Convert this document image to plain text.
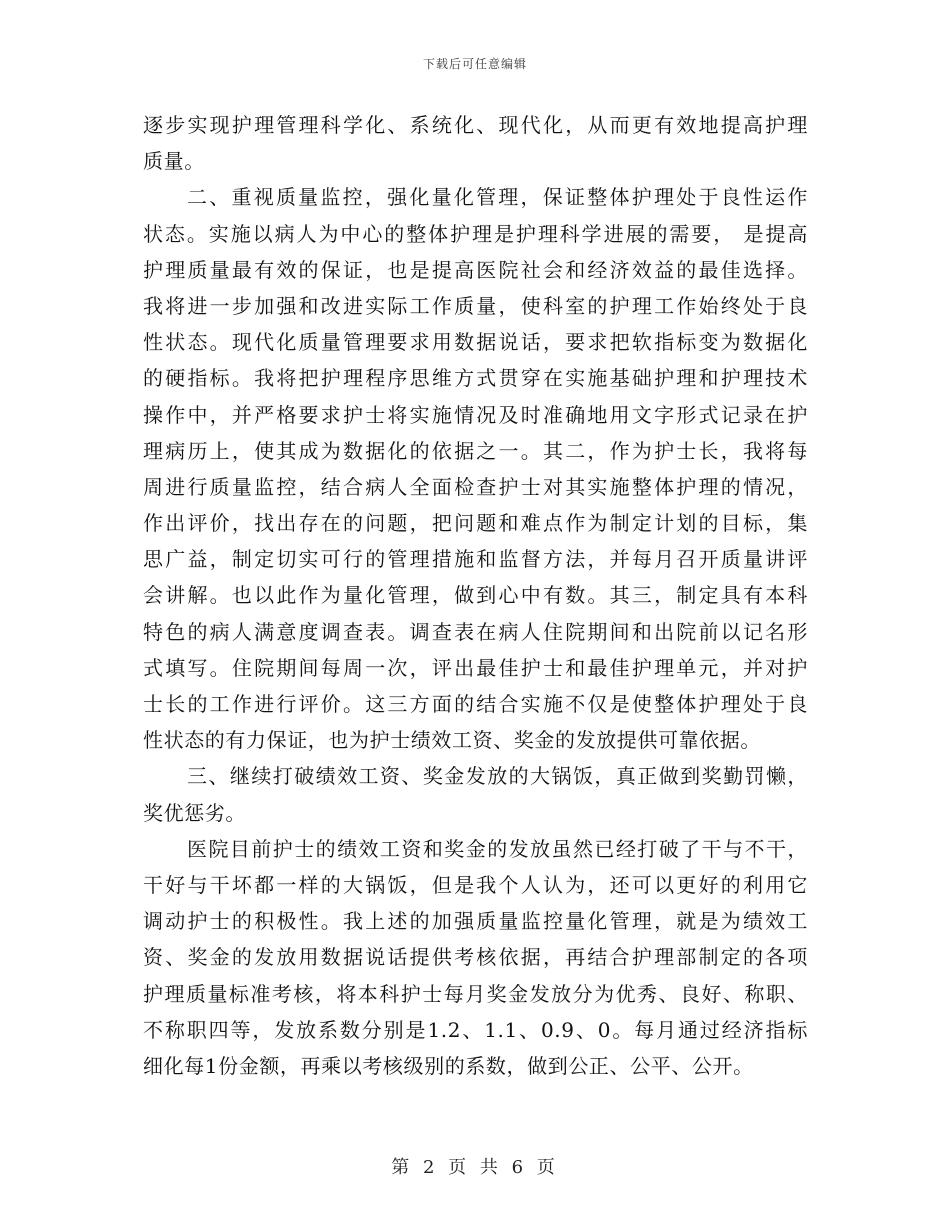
下载后可任意编辑
逐步实现护理管理科学化、系统化、现代化，从而更有效地提高护理
质量。
二、重视质量监控，强化量化管理，保证整体护理处于良性运作
状态。实施以病人为中心的整体护理是护理科学进展的需要， 是提高
护理质量最有效的保证，也是提高医院社会和经济效益的最佳选择。
我将进一步加强和改进实际工作质量，使科室的护理工作始终处于良
性状态。现代化质量管理要求用数据说话，要求把软指标变为数据化
的硬指标。我将把护理程序思维方式贯穿在实施基础护理和护理技术
操作中，并严格要求护士将实施情况及时准确地用文字形式记录在护
理病历上，使其成为数据化的依据之一。其二，作为护士长，我将每
周进行质量监控，结合病人全面检查护士对其实施整体护理的情况，
作出评价，找出存在的问题，把问题和难点作为制定计划的目标，集
思广益，制定切实可行的管理措施和监督方法，并每月召开质量讲评
会讲解。也以此作为量化管理，做到心中有数。其三，制定具有本科
特色的病人满意度调查表。调查表在病人住院期间和出院前以记名形
式填写。住院期间每周一次，评出最佳护士和最佳护理单元，并对护
士长的工作进行评价。这三方面的结合实施不仅是使整体护理处于良
性状态的有力保证，也为护士绩效工资、奖金的发放提供可靠依据。
三、继续打破绩效工资、奖金发放的大锅饭，真正做到奖勤罚懒，
奖优惩劣。
医院目前护士的绩效工资和奖金的发放虽然已经打破了干与不干，
干好与干坏都一样的大锅饭，但是我个人认为，还可以更好的利用它
调动护士的积极性。我上述的加强质量监控量化管理，就是为绩效工
资、奖金的发放用数据说话提供考核依据，再结合护理部制定的各项
护理质量标准考核，将本科护士每月奖金发放分为优秀、良好、称职、
不称职四等，发放系数分别是1.2、1.1、0.9、0。每月通过经济指标
细化每1份金额，再乘以考核级别的系数，做到公正、公平、公开。
第 2 页 共 6 页
